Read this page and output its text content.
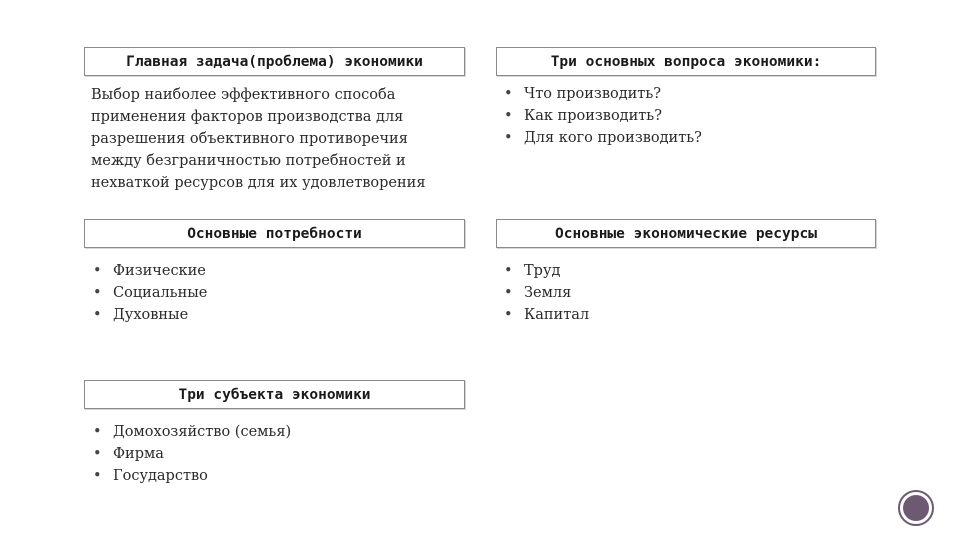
Главная задача(проблема) экономики

Выбор наиболее эффективного способа применения факторов производства для разрешения объективного противоречия между безграничностью потребностей и нехваткой ресурсов для их удовлетворения

Три основных вопроса экономики:
• Что производить?
• Как производить?
• Для кого производить?
Основные потребности
• Физические
• Социальные
• Духовные
Основные экономические ресурсы
• Труд
• Земля
• Капитал
Три субъекта экономики
• Домохозяйство (семья)
• Фирма
• Государство
